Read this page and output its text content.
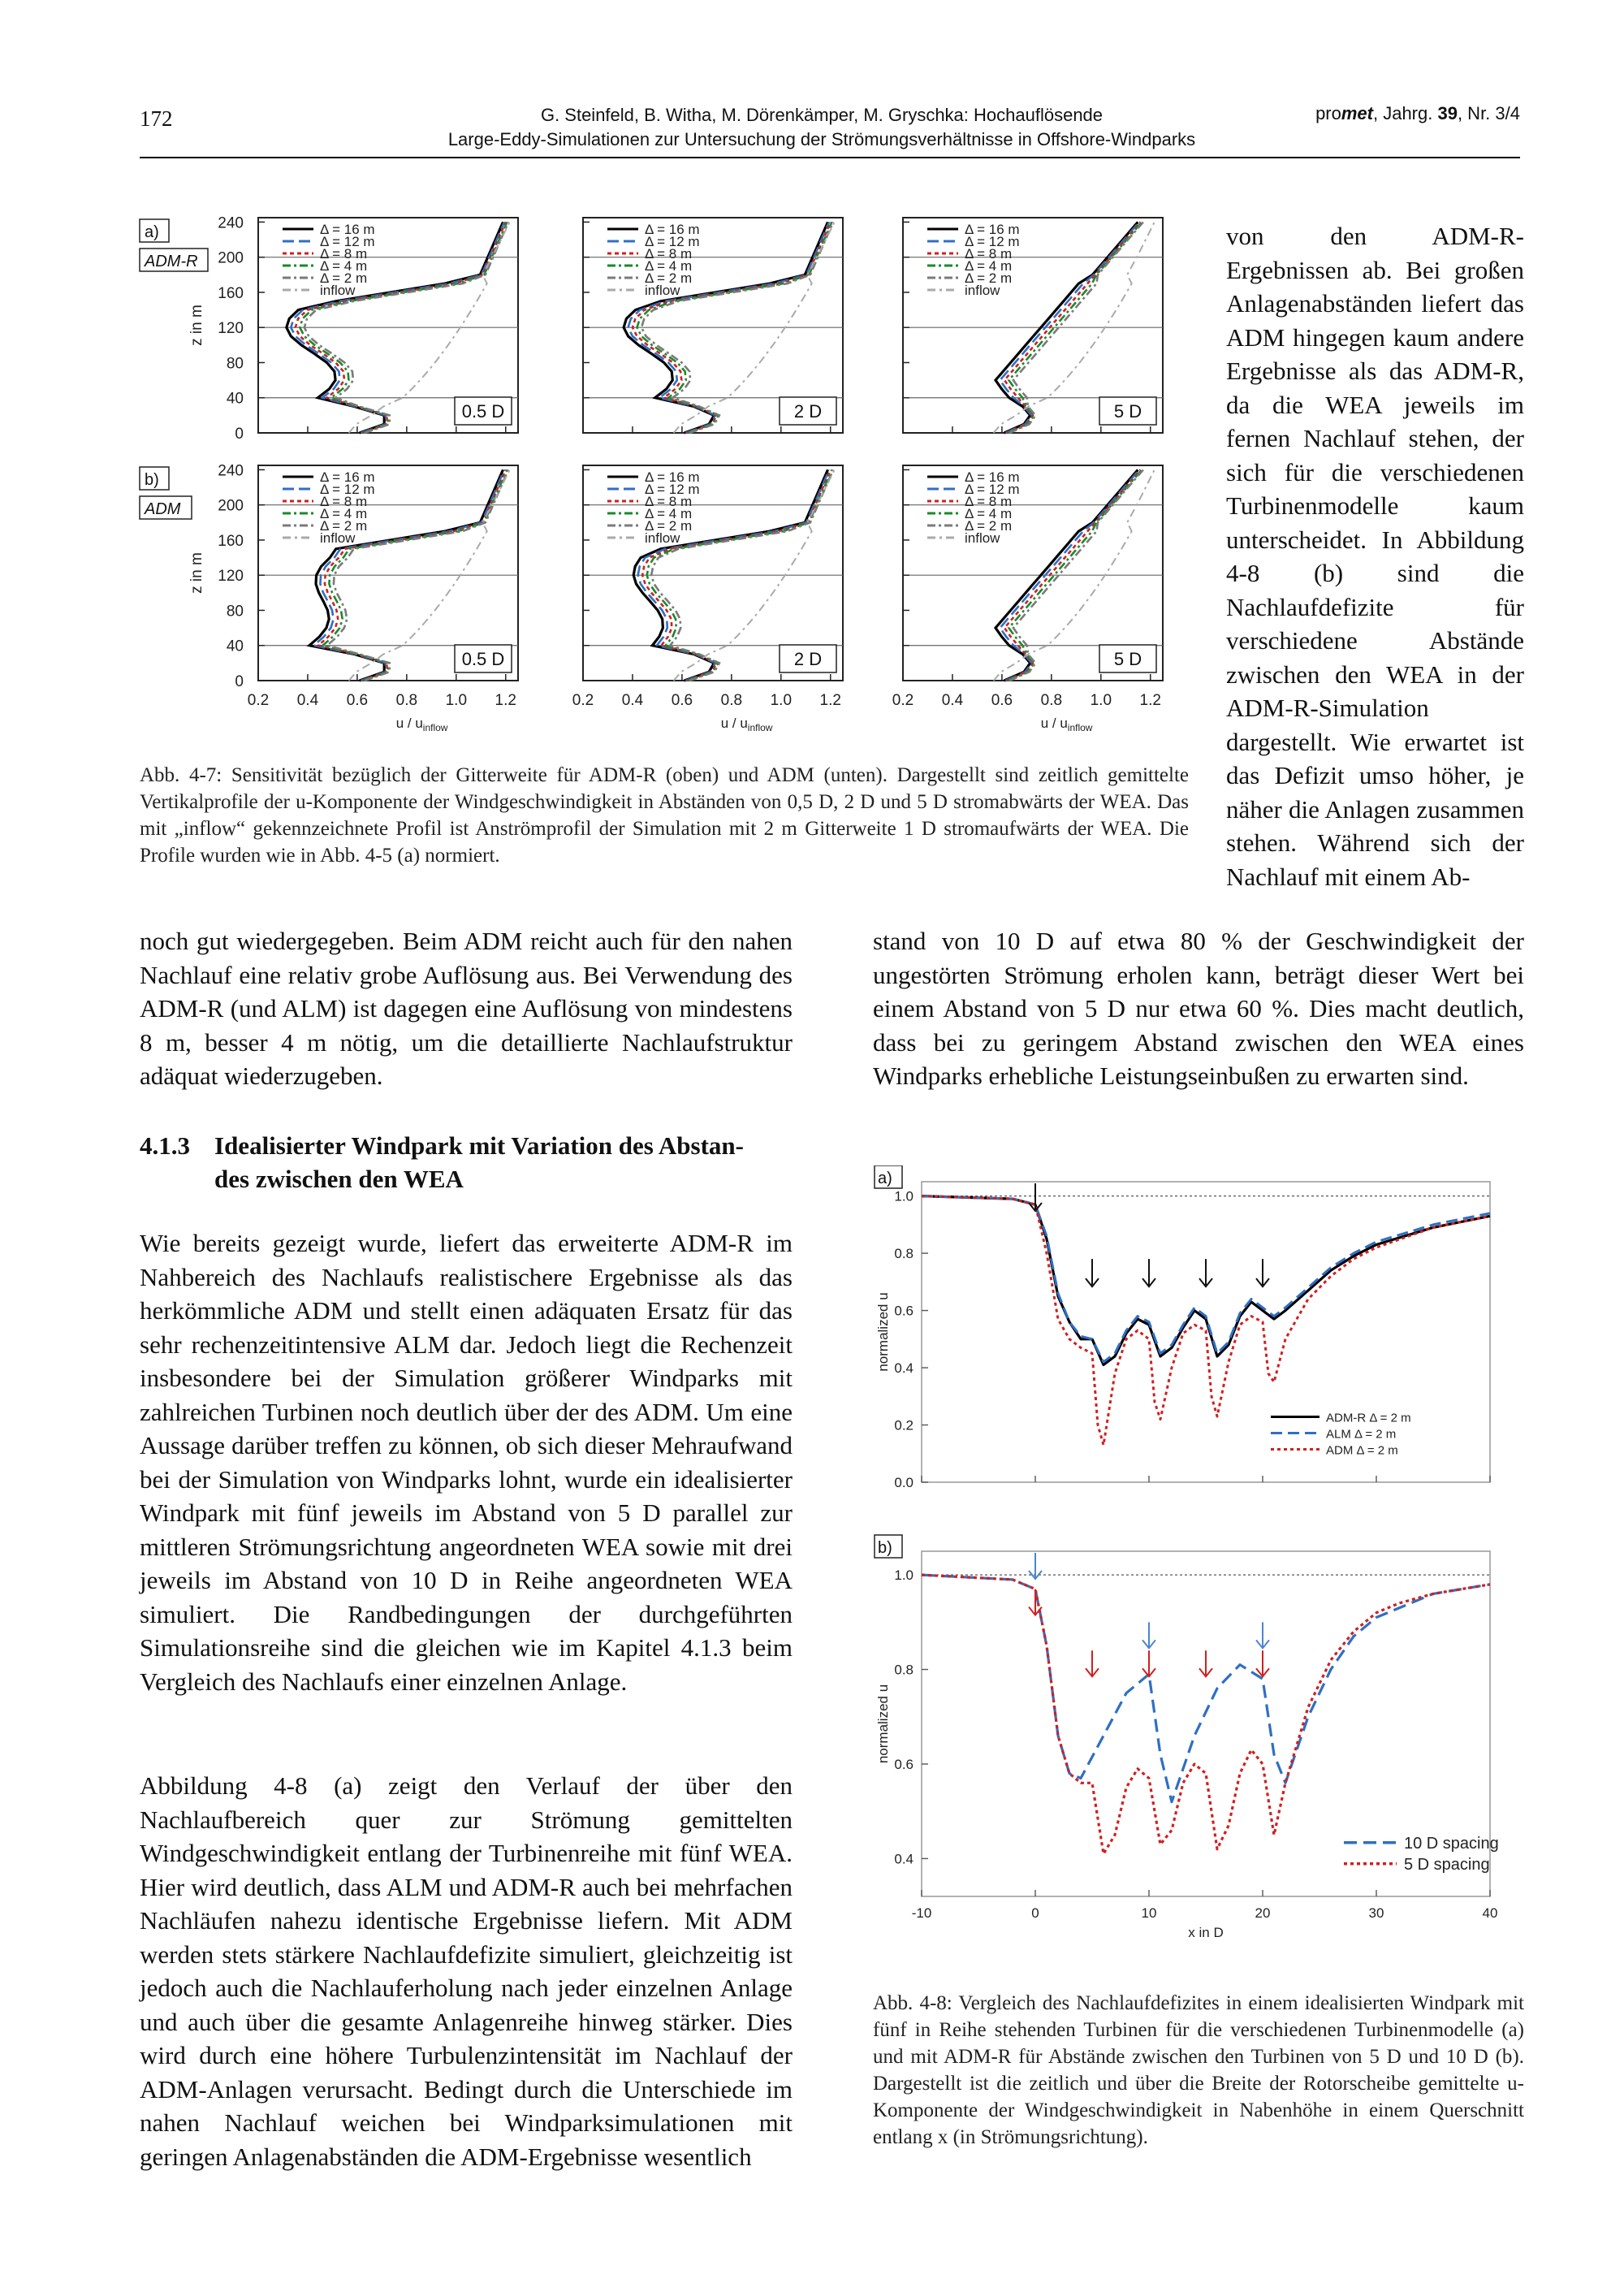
172	G. Steinfeld, B. Witha, M. Dörenkämper, M. Gryschka: Hochauflösende
Large-Eddy-Simulationen zur Untersuchung der Strömungsverhältnisse in Offshore-Windparks
promet, Jahrg. 39, Nr. 3/4
Δ = 16 m
Δ = 12 m
Δ = 8 m
Δ = 4 m
Δ = 2 m
inflow
0.5 D
Δ = 16 m
Δ = 12 m
Δ = 8 m
Δ = 4 m
Δ = 2 m
inflow
2 D
Δ = 16 m
Δ = 12 m
Δ = 8 m
Δ = 4 m
Δ = 2 m
inflow
5 D
0
40
80
120
160
200
240
z in m
a)
ADM-R
Δ = 16 m
Δ = 12 m
Δ = 8 m
Δ = 4 m
Δ = 2 m
inflow
0.5 D
Δ = 16 m
Δ = 12 m
Δ = 8 m
Δ = 4 m
Δ = 2 m
inflow
2 D
Δ = 16 m
Δ = 12 m
Δ = 8 m
Δ = 4 m
Δ = 2 m
inflow
5 D
0
40
80
120
160
200
240
z in m
b)
ADM
0.2 0.4 0.6 0.8 1.0 1.2
u / $u_{inflow}$
0.2 0.4 0.6 0.8 1.0 1.2
u / $u_{inflow}$
0.2 0.4 0.6 0.8 1.0 1.2
u / $u_{inflow}$

Abb. 4-7: Sensitivität bezüglich der Gitterweite für ADM-R (oben) und ADM (unten). Dargestellt sind zeitlich gemittelte Vertikalprofile der u-Komponente der Windgeschwindigkeit in Abständen von 0,5 D, 2 D und 5 D stromabwärts der WEA. Das mit „inflow“ gekennzeichnete Profil ist Anströmprofil der Simulation mit 2 m Gitterweite 1 D stromaufwärts der WEA. Die Profile wurden wie in Abb. 4-5 (a) normiert.

von den ADM-R-Ergebnissen ab. Bei großen Anlagenabständen liefert das ADM hingegen kaum andere Ergebnisse als das ADM-R, da die WEA jeweils im fernen Nachlauf stehen, der sich für die verschiedenen Turbinenmodelle kaum unterscheidet. In Abbildung 4-8 (b) sind die Nachlaufdefizite für verschiedene Abstände zwischen den WEA in der ADM-R-Simulation dargestellt. Wie erwartet ist das Defizit umso höher, je näher die Anlagen zusammen stehen. Während sich der Nachlauf mit einem Ab-

noch gut wiedergegeben. Beim ADM reicht auch für den nahen Nachlauf eine relativ grobe Auflösung aus. Bei Verwendung des ADM-R (und ALM) ist dagegen eine Auflösung von mindestens 8 m, besser 4 m nötig, um die detaillierte Nachlaufstruktur adäquat wiederzugeben.

4.1.3 Idealisierter Windpark mit Variation des Abstan-
des zwischen den WEA

Wie bereits gezeigt wurde, liefert das erweiterte ADM-R im Nahbereich des Nachlaufs realistischere Ergebnisse als das herkömmliche ADM und stellt einen adäquaten Ersatz für das sehr rechenzeitintensive ALM dar. Jedoch liegt die Rechenzeit insbesondere bei der Simulation größerer Windparks mit zahlreichen Turbinen noch deutlich über der des ADM. Um eine Aussage darüber treffen zu können, ob sich dieser Mehraufwand bei der Simulation von Windparks lohnt, wurde ein idealisierter Windpark mit fünf jeweils im Abstand von 5 D parallel zur mittleren Strömungsrichtung angeordneten WEA sowie mit drei jeweils im Abstand von 10 D in Reihe angeordneten WEA simuliert. Die Randbedingungen der durchgeführten Simulationsreihe sind die gleichen wie im Kapitel 4.1.3 beim Vergleich des Nachlaufs einer einzelnen Anlage.

Abbildung 4-8 (a) zeigt den Verlauf der über den Nachlaufbereich quer zur Strömung gemittelten Windgeschwindigkeit entlang der Turbinenreihe mit fünf WEA. Hier wird deutlich, dass ALM und ADM-R auch bei mehrfachen Nachläufen nahezu identische Ergebnisse liefern. Mit ADM werden stets stärkere Nachlaufdefizite simuliert, gleichzeitig ist jedoch auch die Nachlauferholung nach jeder einzelnen Anlage und auch über die gesamte Anlagenreihe hinweg stärker. Dies wird durch eine höhere Turbulenzintensität im Nachlauf der ADM-Anlagen verursacht. Bedingt durch die Unterschiede im nahen Nachlauf weichen bei Windparksimulationen mit geringen Anlagenabständen die ADM-Ergebnisse wesentlich

stand von 10 D auf etwa 80 % der Geschwindigkeit der ungestörten Strömung erholen kann, beträgt dieser Wert bei einem Abstand von 5 D nur etwa 60 %. Dies macht deutlich, dass bei zu geringem Abstand zwischen den WEA eines Windparks erhebliche Leistungseinbußen zu erwarten sind.

0.0
0.2
0.4
0.6
0.8
1.0
normalized u
a)
ADM-R Δ = 2 m
ALM Δ = 2 m
ADM Δ = 2 m
0.4
0.6
0.8
1.0
-10	0	10	20	30	40
x in D
normalized u
b)
10 D spacing
5 D spacing

Abb. 4-8: Vergleich des Nachlaufdefizites in einem idealisierten Windpark mit fünf in Reihe stehenden Turbinen für die verschiedenen Turbinenmodelle (a) und mit ADM-R für Abstände zwischen den Turbinen von 5 D und 10 D (b). Dargestellt ist die zeitlich und über die Breite der Rotorscheibe gemittelte u-Komponente der Windgeschwindigkeit in Nabenhöhe in einem Querschnitt entlang x (in Strömungsrichtung).
